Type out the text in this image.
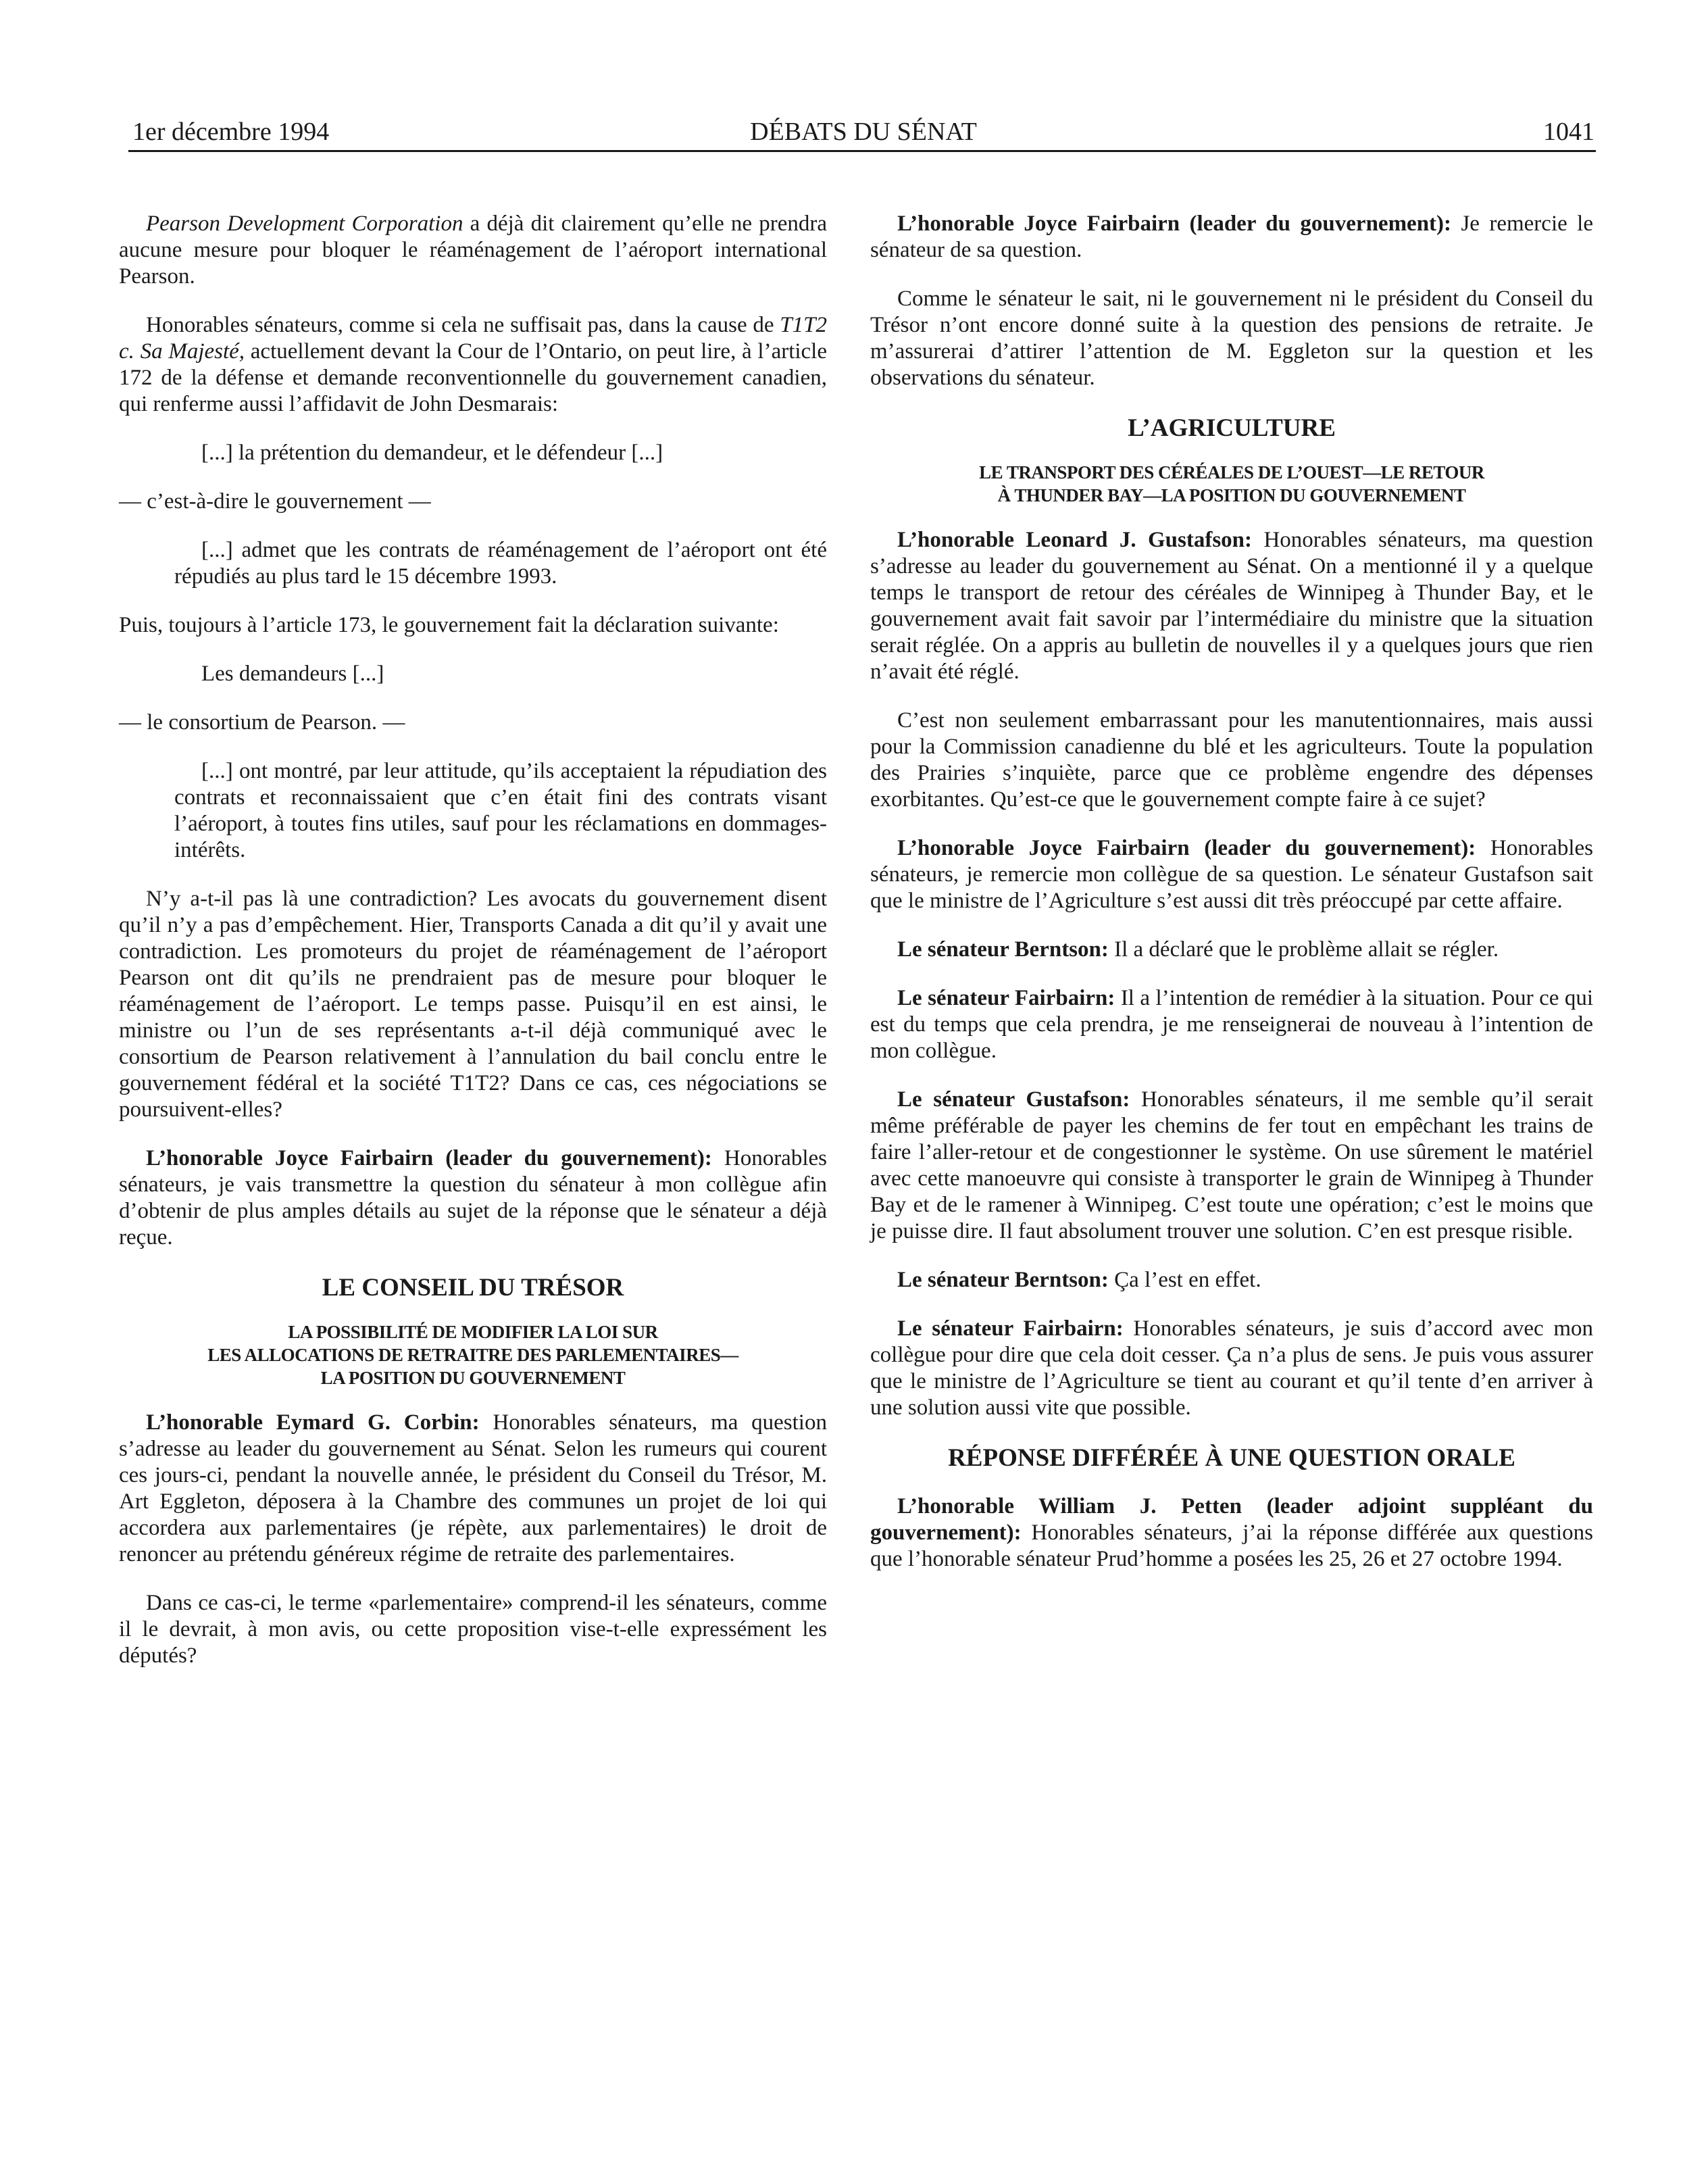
1er décembre 1994	DÉBATS DU SÉNAT	1041

Pearson Development Corporation a déjà dit clairement qu’elle ne prendra aucune mesure pour bloquer le réaménagement de l’aéroport international Pearson.

Honorables sénateurs, comme si cela ne suffisait pas, dans la cause de T1T2 c. Sa Majesté, actuellement devant la Cour de l’Ontario, on peut lire, à l’article 172 de la défense et demande reconventionnelle du gouvernement canadien, qui renferme aussi l’affidavit de John Desmarais:

[...] la prétention du demandeur, et le défendeur [...]

— c’est-à-dire le gouvernement —

[...] admet que les contrats de réaménagement de l’aéroport ont été répudiés au plus tard le 15 décembre 1993.

Puis, toujours à l’article 173, le gouvernement fait la déclaration suivante:

Les demandeurs [...]

— le consortium de Pearson. —

[...] ont montré, par leur attitude, qu’ils acceptaient la répudiation des contrats et reconnaissaient que c’en était fini des contrats visant l’aéroport, à toutes fins utiles, sauf pour les réclamations en dommages-intérêts.

N’y a-t-il pas là une contradiction? Les avocats du gouvernement disent qu’il n’y a pas d’empêchement. Hier, Transports Canada a dit qu’il y avait une contradiction. Les promoteurs du projet de réaménagement de l’aéroport Pearson ont dit qu’ils ne prendraient pas de mesure pour bloquer le réaménagement de l’aéroport. Le temps passe. Puisqu’il en est ainsi, le ministre ou l’un de ses représentants a-t-il déjà communiqué avec le consortium de Pearson relativement à l’annulation du bail conclu entre le gouvernement fédéral et la société T1T2? Dans ce cas, ces négociations se poursuivent-elles?

L’honorable Joyce Fairbairn (leader du gouvernement): Honorables sénateurs, je vais transmettre la question du sénateur à mon collègue afin d’obtenir de plus amples détails au sujet de la réponse que le sénateur a déjà reçue.

LE CONSEIL DU TRÉSOR
LA POSSIBILITÉ DE MODIFIER LA LOI SUR
LES ALLOCATIONS DE RETRAITRE DES PARLEMENTAIRES—
LA POSITION DU GOUVERNEMENT

L’honorable Eymard G. Corbin: Honorables sénateurs, ma question s’adresse au leader du gouvernement au Sénat. Selon les rumeurs qui courent ces jours-ci, pendant la nouvelle année, le président du Conseil du Trésor, M. Art Eggleton, déposera à la Chambre des communes un projet de loi qui accordera aux parlementaires (je répète, aux parlementaires) le droit de renoncer au prétendu généreux régime de retraite des parlementaires.

Dans ce cas-ci, le terme «parlementaire» comprend-il les sénateurs, comme il le devrait, à mon avis, ou cette proposition vise-t-elle expressément les députés?

L’honorable Joyce Fairbairn (leader du gouvernement): Je remercie le sénateur de sa question.

Comme le sénateur le sait, ni le gouvernement ni le président du Conseil du Trésor n’ont encore donné suite à la question des pensions de retraite. Je m’assurerai d’attirer l’attention de M. Eggleton sur la question et les observations du sénateur.

L’AGRICULTURE
LE TRANSPORT DES CÉRÉALES DE L’OUEST—LE RETOUR
À THUNDER BAY—LA POSITION DU GOUVERNEMENT

L’honorable Leonard J. Gustafson: Honorables sénateurs, ma question s’adresse au leader du gouvernement au Sénat. On a mentionné il y a quelque temps le transport de retour des céréales de Winnipeg à Thunder Bay, et le gouvernement avait fait savoir par l’intermédiaire du ministre que la situation serait réglée. On a appris au bulletin de nouvelles il y a quelques jours que rien n’avait été réglé.

C’est non seulement embarrassant pour les manutentionnaires, mais aussi pour la Commission canadienne du blé et les agriculteurs. Toute la population des Prairies s’inquiète, parce que ce problème engendre des dépenses exorbitantes. Qu’est-ce que le gouvernement compte faire à ce sujet?

L’honorable Joyce Fairbairn (leader du gouvernement): Honorables sénateurs, je remercie mon collègue de sa question. Le sénateur Gustafson sait que le ministre de l’Agriculture s’est aussi dit très préoccupé par cette affaire.

Le sénateur Berntson: Il a déclaré que le problème allait se régler.

Le sénateur Fairbairn: Il a l’intention de remédier à la situation. Pour ce qui est du temps que cela prendra, je me renseignerai de nouveau à l’intention de mon collègue.

Le sénateur Gustafson: Honorables sénateurs, il me semble qu’il serait même préférable de payer les chemins de fer tout en empêchant les trains de faire l’aller-retour et de congestionner le système. On use sûrement le matériel avec cette manoeuvre qui consiste à transporter le grain de Winnipeg à Thunder Bay et de le ramener à Winnipeg. C’est toute une opération; c’est le moins que je puisse dire. Il faut absolument trouver une solution. C’en est presque risible.

Le sénateur Berntson: Ça l’est en effet.

Le sénateur Fairbairn: Honorables sénateurs, je suis d’accord avec mon collègue pour dire que cela doit cesser. Ça n’a plus de sens. Je puis vous assurer que le ministre de l’Agriculture se tient au courant et qu’il tente d’en arriver à une solution aussi vite que possible.

RÉPONSE DIFFÉRÉE À UNE QUESTION ORALE

L’honorable William J. Petten (leader adjoint suppléant du gouvernement): Honorables sénateurs, j’ai la réponse différée aux questions que l’honorable sénateur Prud’homme a posées les 25, 26 et 27 octobre 1994.
